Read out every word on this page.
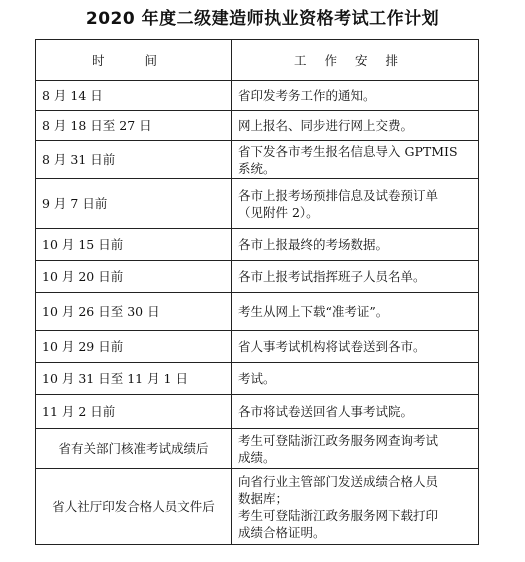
2020 年度二级建造师执业资格考试工作计划
时 间	工作安排
8 月 14 日	省印发考务工作的通知。

8 月 18 日至 27 日	网上报名、同步进行网上交费。

8 月 31 日前	省下发各市考生报名信息导入 GPTMIS
系统。

9 月 7 日前	各市上报考场预排信息及试卷预订单
（见附件 2）。

10 月 15 日前	各市上报最终的考场数据。

10 月 20 日前	各市上报考试指挥班子人员名单。

10 月 26 日至 30 日	考生从网上下载“准考证”。

10 月 29 日前	省人事考试机构将试卷送到各市。

10 月 31 日至 11 月 1 日	考试。

11 月 2 日前	各市将试卷送回省人事考试院。

省有关部门核准考试成绩后	考生可登陆浙江政务服务网查询考试
成绩。

省人社厅印发合格人员文件后	向省行业主管部门发送成绩合格人员
数据库；
考生可登陆浙江政务服务网下载打印
成绩合格证明。
